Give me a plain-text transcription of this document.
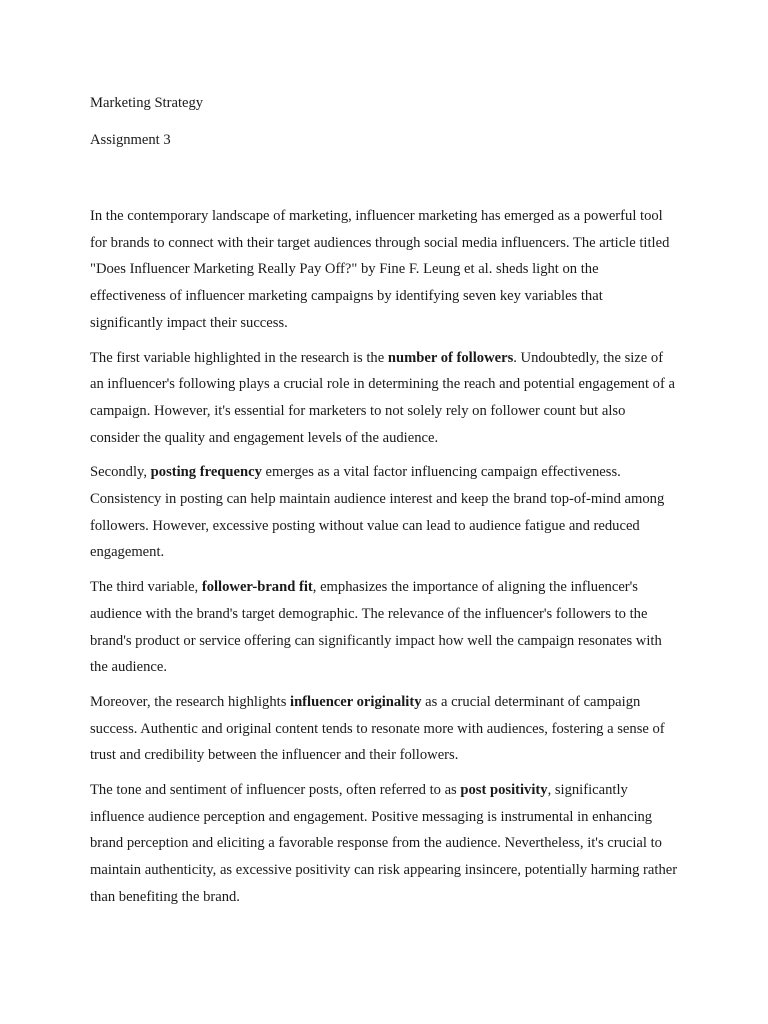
Marketing Strategy

Assignment 3

In the contemporary landscape of marketing, influencer marketing has emerged as a powerful tool for brands to connect with their target audiences through social media influencers. The article titled "Does Influencer Marketing Really Pay Off?" by Fine F. Leung et al. sheds light on the effectiveness of influencer marketing campaigns by identifying seven key variables that significantly impact their success.

The first variable highlighted in the research is the number of followers. Undoubtedly, the size of an influencer's following plays a crucial role in determining the reach and potential engagement of a campaign. However, it's essential for marketers to not solely rely on follower count but also consider the quality and engagement levels of the audience.

Secondly, posting frequency emerges as a vital factor influencing campaign effectiveness. Consistency in posting can help maintain audience interest and keep the brand top-of-mind among followers. However, excessive posting without value can lead to audience fatigue and reduced engagement.

The third variable, follower-brand fit, emphasizes the importance of aligning the influencer's audience with the brand's target demographic. The relevance of the influencer's followers to the brand's product or service offering can significantly impact how well the campaign resonates with the audience.

Moreover, the research highlights influencer originality as a crucial determinant of campaign success. Authentic and original content tends to resonate more with audiences, fostering a sense of trust and credibility between the influencer and their followers.

The tone and sentiment of influencer posts, often referred to as post positivity, significantly influence audience perception and engagement. Positive messaging is instrumental in enhancing brand perception and eliciting a favorable response from the audience. Nevertheless, it's crucial to maintain authenticity, as excessive positivity can risk appearing insincere, potentially harming rather than benefiting the brand.
